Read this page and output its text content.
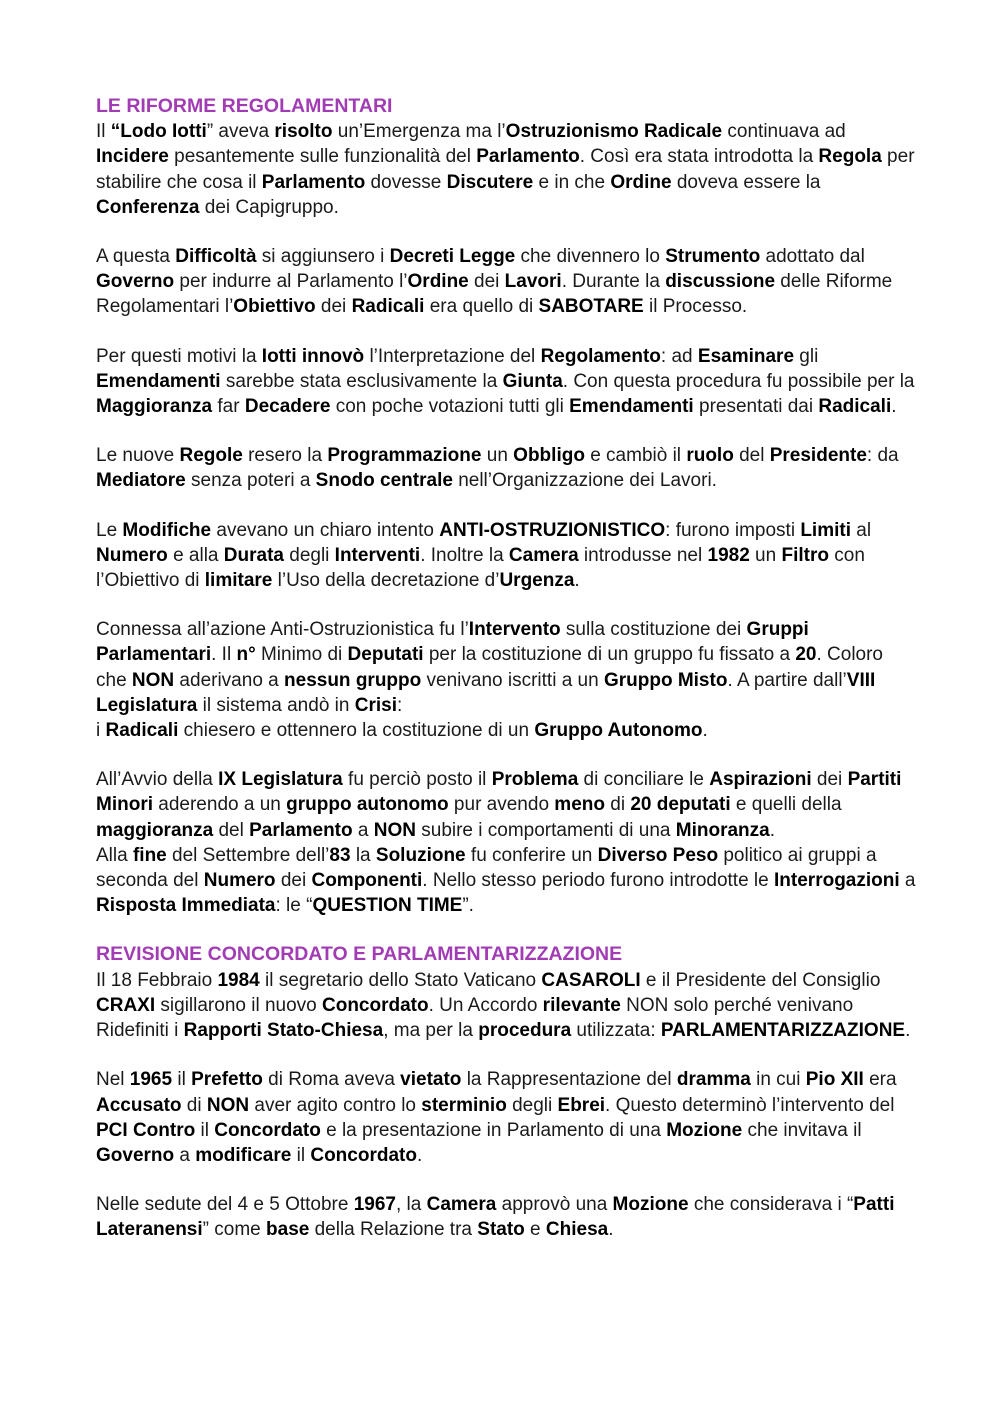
LE RIFORME REGOLAMENTARI

Il “Lodo Iotti” aveva risolto un’Emergenza ma l’Ostruzionismo Radicale continuava ad Incidere pesantemente sulle funzionalità del Parlamento. Così era stata introdotta la Regola per stabilire che cosa il Parlamento dovesse Discutere e in che Ordine doveva essere la Conferenza dei Capigruppo.

A questa Difficoltà si aggiunsero i Decreti Legge che divennero lo Strumento adottato dal Governo per indurre al Parlamento l’Ordine dei Lavori. Durante la discussione delle Riforme Regolamentari l’Obiettivo dei Radicali era quello di SABOTARE il Processo.

Per questi motivi la Iotti innovò l’Interpretazione del Regolamento: ad Esaminare gli Emendamenti sarebbe stata esclusivamente la Giunta. Con questa procedura fu possibile per la Maggioranza far Decadere con poche votazioni tutti gli Emendamenti presentati dai Radicali.

Le nuove Regole resero la Programmazione un Obbligo e cambiò il ruolo del Presidente: da Mediatore senza poteri a Snodo centrale nell’Organizzazione dei Lavori.

Le Modifiche avevano un chiaro intento ANTI-OSTRUZIONISTICO: furono imposti Limiti al Numero e alla Durata degli Interventi. Inoltre la Camera introdusse nel 1982 un Filtro con l’Obiettivo di limitare l’Uso della decretazione d’Urgenza.

Connessa all’azione Anti-Ostruzionistica fu l’Intervento sulla costituzione dei Gruppi Parlamentari. Il n° Minimo di Deputati per la costituzione di un gruppo fu fissato a 20. Coloro che NON aderivano a nessun gruppo venivano iscritti a un Gruppo Misto. A partire dall’VIII Legislatura il sistema andò in Crisi:
i Radicali chiesero e ottennero la costituzione di un Gruppo Autonomo.

All’Avvio della IX Legislatura fu perciò posto il Problema di conciliare le Aspirazioni dei Partiti Minori aderendo a un gruppo autonomo pur avendo meno di 20 deputati e quelli della maggioranza del Parlamento a NON subire i comportamenti di una Minoranza.
Alla fine del Settembre dell’83 la Soluzione fu conferire un Diverso Peso politico ai gruppi a seconda del Numero dei Componenti. Nello stesso periodo furono introdotte le Interrogazioni a Risposta Immediata: le “QUESTION TIME”.

REVISIONE CONCORDATO E PARLAMENTARIZZAZIONE

Il 18 Febbraio 1984 il segretario dello Stato Vaticano CASAROLI e il Presidente del Consiglio CRAXI sigillarono il nuovo Concordato. Un Accordo rilevante NON solo perché venivano Ridefiniti i Rapporti Stato-Chiesa, ma per la procedura utilizzata: PARLAMENTARIZZAZIONE.

Nel 1965 il Prefetto di Roma aveva vietato la Rappresentazione del dramma in cui Pio XII era Accusato di NON aver agito contro lo sterminio degli Ebrei. Questo determinò l’intervento del PCI Contro il Concordato e la presentazione in Parlamento di una Mozione che invitava il Governo a modificare il Concordato.

Nelle sedute del 4 e 5 Ottobre 1967, la Camera approvò una Mozione che considerava i “Patti Lateranensi” come base della Relazione tra Stato e Chiesa.
